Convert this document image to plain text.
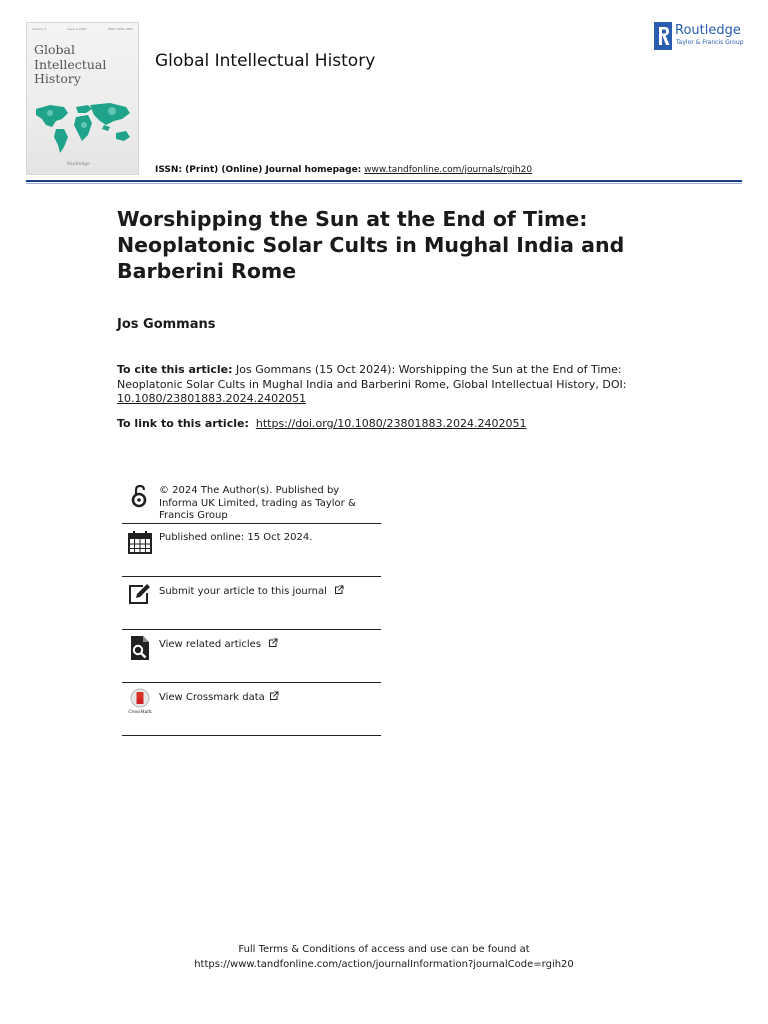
Volume 9	Issue 5 2024	ISSN: 2380-1883
Global
Intellectual
History
Routledge
Global Intellectual History
ISSN: (Print) (Online) Journal homepage: www.tandfonline.com/journals/rgih20
Routledge
Taylor & Francis Group
Worshipping the Sun at the End of Time: Neoplatonic Solar Cults in Mughal India and Barberini Rome
Jos Gommans
To cite this article: Jos Gommans (15 Oct 2024): Worshipping the Sun at the End of Time: Neoplatonic Solar Cults in Mughal India and Barberini Rome, Global Intellectual History, DOI: 10.1080/23801883.2024.2402051
To link to this article: https://doi.org/10.1080/23801883.2024.2402051
© 2024 The Author(s). Published by Informa UK Limited, trading as Taylor & Francis Group
Published online: 15 Oct 2024.
Submit your article to this journal
View related articles
CrossMark
View Crossmark data
Full Terms & Conditions of access and use can be found at
https://www.tandfonline.com/action/journalInformation?journalCode=rgih20
